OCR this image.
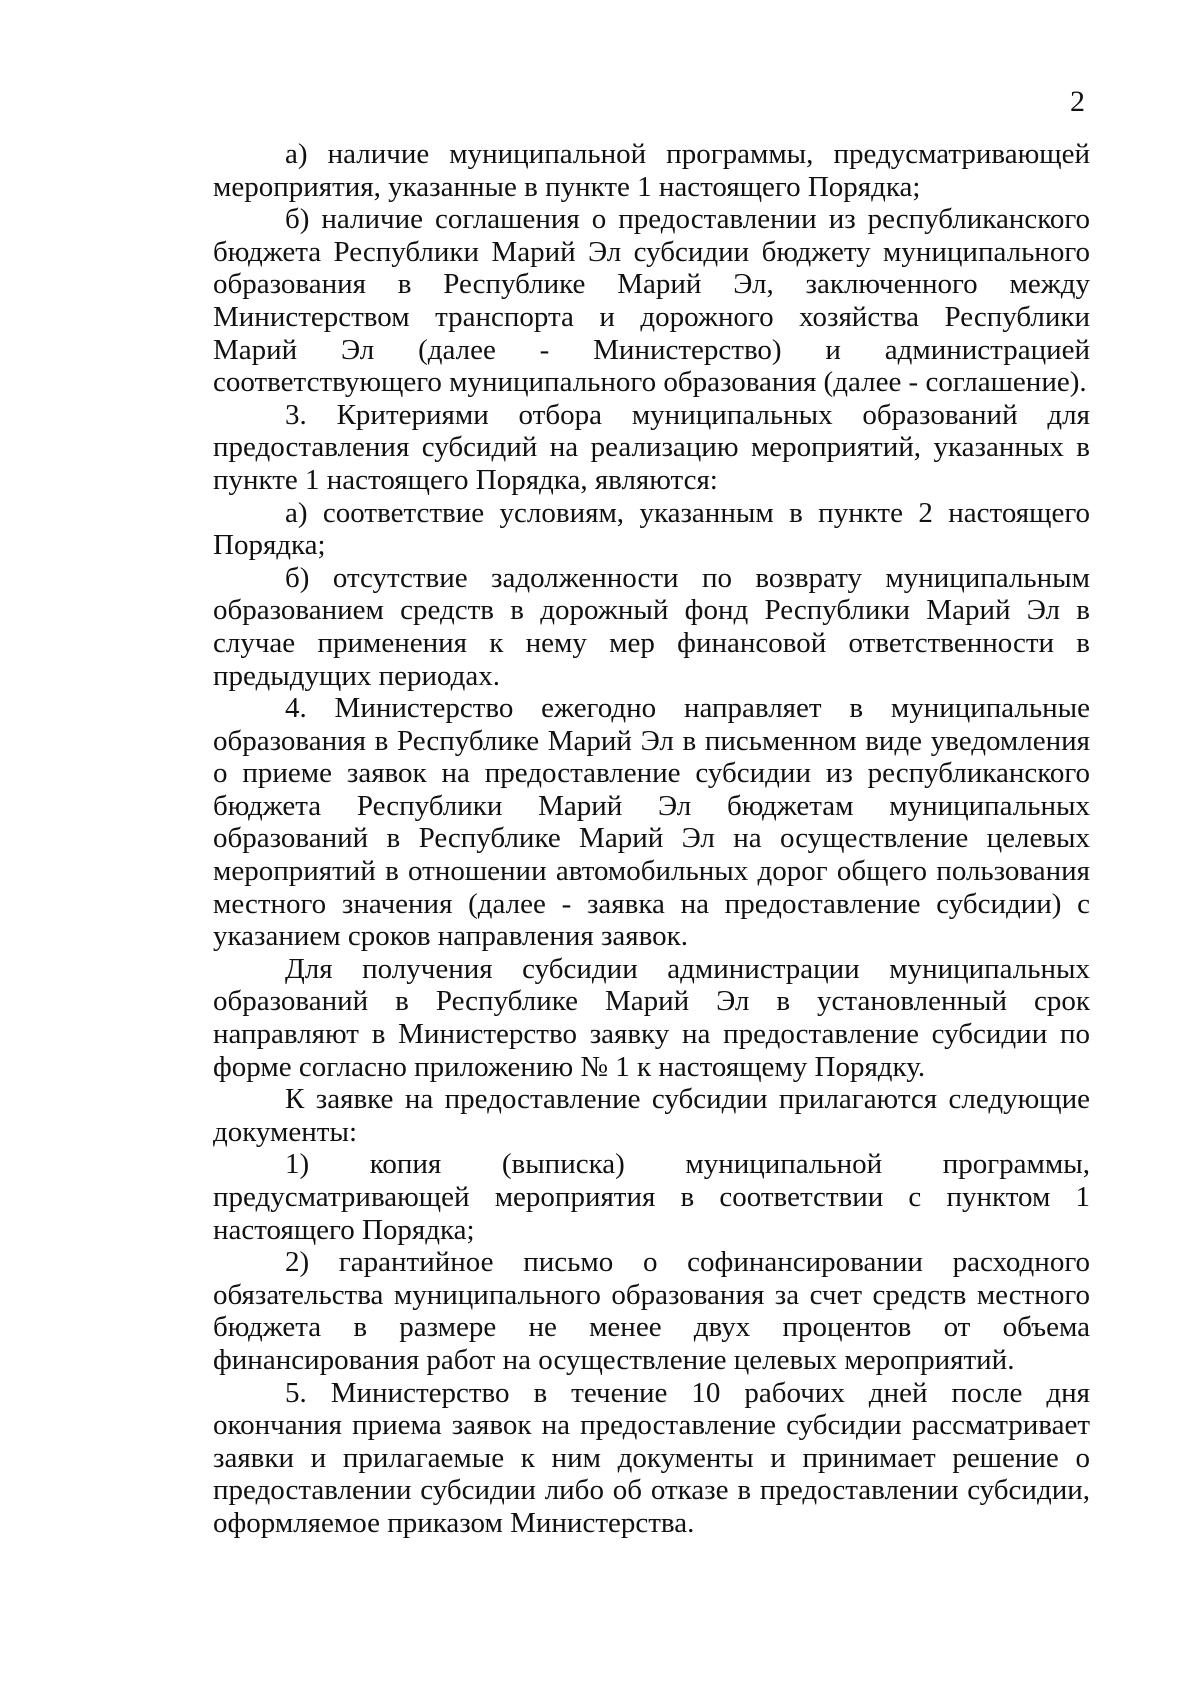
2

а) наличие муниципальной программы, предусматривающей мероприятия, указанные в пункте 1 настоящего Порядка;

б) наличие соглашения о предоставлении из республиканского бюджета Республики Марий Эл субсидии бюджету муниципального образования в Республике Марий Эл, заключенного между Министерством транспорта и дорожного хозяйства Республики Марий Эл (далее - Министерство) и администрацией соответствующего муниципального образования (далее - соглашение).

3. Критериями отбора муниципальных образований для предоставления субсидий на реализацию мероприятий, указанных в пункте 1 настоящего Порядка, являются:

а) соответствие условиям, указанным в пункте 2 настоящего Порядка;

б) отсутствие задолженности по возврату муниципальным образованием средств в дорожный фонд Республики Марий Эл в случае применения к нему мер финансовой ответственности в предыдущих периодах.

4. Министерство ежегодно направляет в муниципальные образования в Республике Марий Эл в письменном виде уведомления о приеме заявок на предоставление субсидии из республиканского бюджета Республики Марий Эл бюджетам муниципальных образований в Республике Марий Эл на осуществление целевых мероприятий в отношении автомобильных дорог общего пользования местного значения (далее - заявка на предоставление субсидии) с указанием сроков направления заявок.

Для получения субсидии администрации муниципальных образований в Республике Марий Эл в установленный срок направляют в Министерство заявку на предоставление субсидии по форме согласно приложению № 1 к настоящему Порядку.

К заявке на предоставление субсидии прилагаются следующие документы:

1) копия (выписка) муниципальной программы, предусматривающей мероприятия в соответствии с пунктом 1 настоящего Порядка;

2) гарантийное письмо о софинансировании расходного обязательства муниципального образования за счет средств местного бюджета в размере не менее двух процентов от объема финансирования работ на осуществление целевых мероприятий.

5. Министерство в течение 10 рабочих дней после дня окончания приема заявок на предоставление субсидии рассматривает заявки и прилагаемые к ним документы и принимает решение о предоставлении субсидии либо об отказе в предоставлении субсидии, оформляемое приказом Министерства.
